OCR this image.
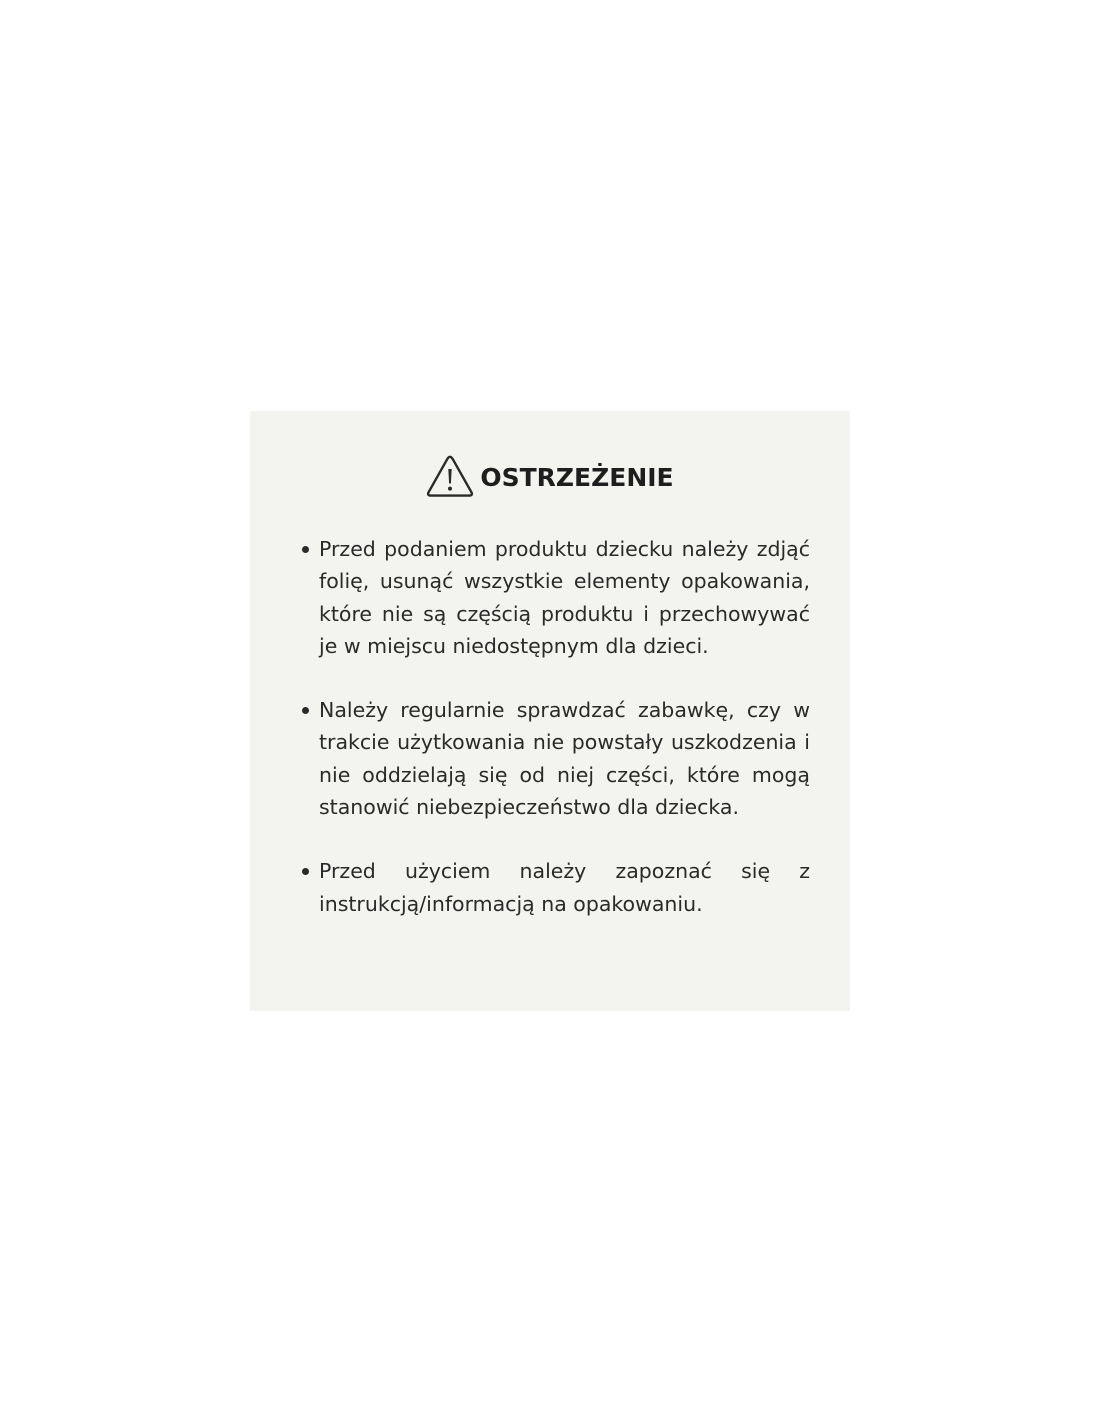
OSTRZEŻENIE
Przed podaniem produktu dziecku należy zdjąć folię, usunąć wszystkie elementy opakowania, które nie są częścią produktu i przechowywać je w miejscu niedostępnym dla dzieci.
Należy regularnie sprawdzać zabawkę, czy w trakcie użytkowania nie powstały uszkodzenia i nie oddzielają się od niej części, które mogą stanowić niebezpieczeństwo dla dziecka.
Przed użyciem należy zapoznać się z instrukcją/informacją na opakowaniu.
